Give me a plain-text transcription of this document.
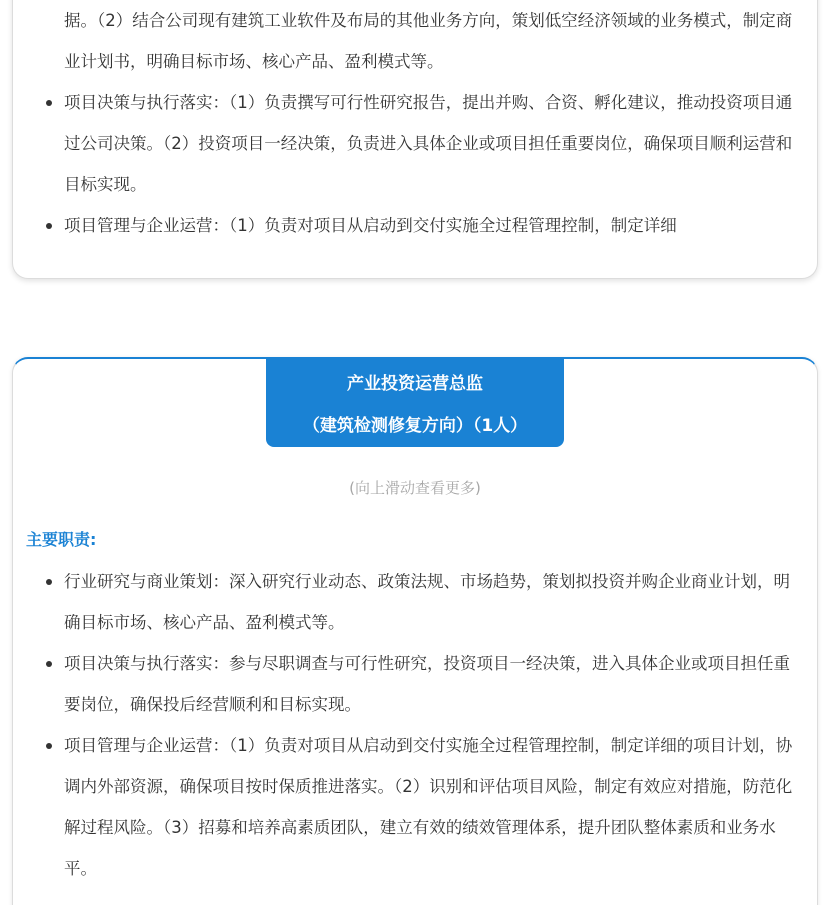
据。（2）结合公司现有建筑工业软件及布局的其他业务方向，策划低空经济领域的业务模式，制定商业计划书，明确目标市场、核心产品、盈利模式等。
项目决策与执行落实：（1）负责撰写可行性研究报告，提出并购、合资、孵化建议，推动投资项目通过公司决策。（2）投资项目一经决策，负责进入具体企业或项目担任重要岗位，确保项目顺利运营和目标实现。
项目管理与企业运营：（1）负责对项目从启动到交付实施全过程管理控制，制定详细
产业投资运营总监
（建筑检测修复方向）（1人）
(向上滑动查看更多)
主要职责:
行业研究与商业策划：深入研究行业动态、政策法规、市场趋势，策划拟投资并购企业商业计划，明确目标市场、核心产品、盈利模式等。
项目决策与执行落实：参与尽职调查与可行性研究，投资项目一经决策，进入具体企业或项目担任重要岗位，确保投后经营顺利和目标实现。
项目管理与企业运营：（1）负责对项目从启动到交付实施全过程管理控制，制定详细的项目计划，协调内外部资源，确保项目按时保质推进落实。（2）识别和评估项目风险，制定有效应对措施，防范化解过程风险。（3）招募和培养高素质团队，建立有效的绩效管理体系，提升团队整体素质和业务水平。
